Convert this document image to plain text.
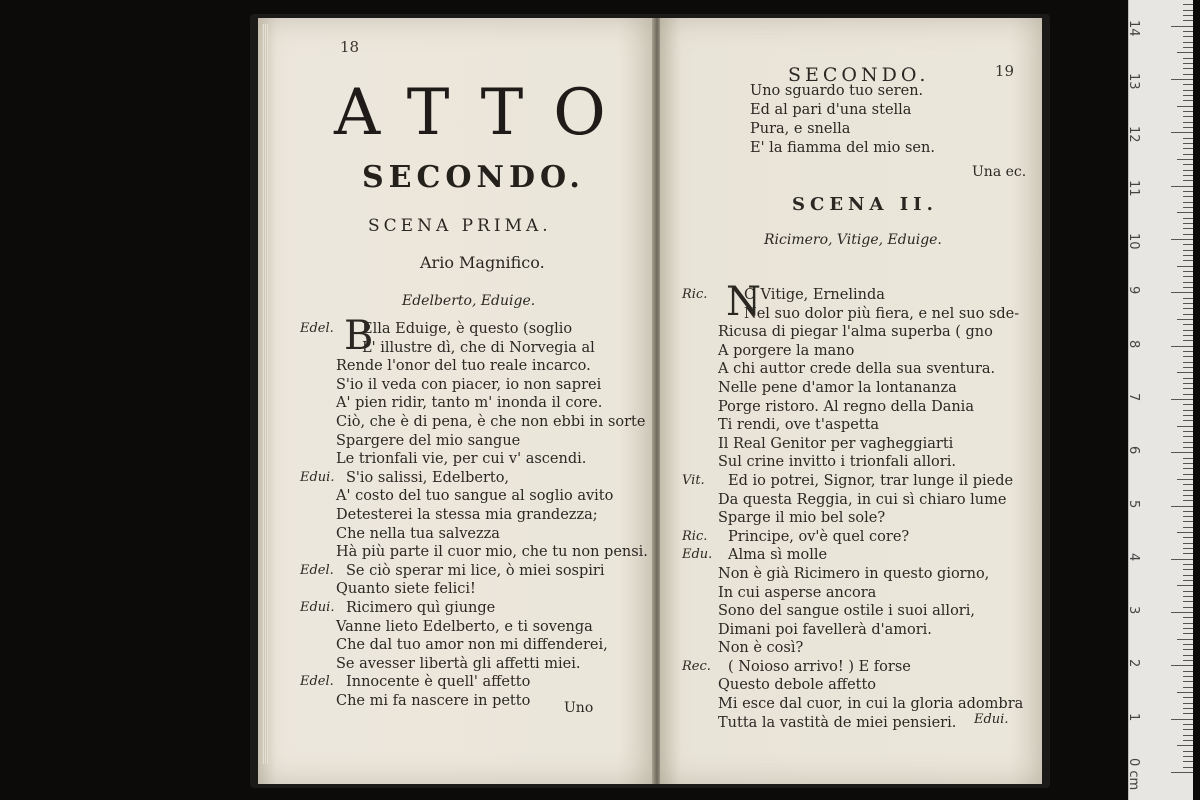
18
ATTO
SECONDO.
SCENA PRIMA.
Ario Magnifico.
Edelberto, Eduige.
Edel. Ella Eduige, è questo (soglio
L' illustre dì, che di Norvegia al
Rende l'onor del tuo reale incarco.
S'io il veda con piacer, io non saprei
A' pien ridir, tanto m' inonda il core.
Ciò, che è di pena, è che non ebbi in sorte
Spargere del mio sangue
Le trionfali vie, per cui v' ascendi.
Edui. S'io salissi, Edelberto,
A' costo del tuo sangue al soglio avito
Detesterei la stessa mia grandezza;
Che nella tua salvezza
Hà più parte il cuor mio, che tu non pensi.
Edel. Se ciò sperar mi lice, ò miei sospiri
Quanto siete felici!
Edui. Ricimero quì giunge
Vanne lieto Edelberto, e ti sovenga
Che dal tuo amor non mi diffenderei,
Se avesser libertà gli affetti miei.
Edel. Innocente è quell' affetto
Che mi fa nascere in petto
B
Uno
19
SECONDO.
Uno sguardo tuo seren.
Ed al pari d'una stella
Pura, e snella
E' la fiamma del mio sen.
Una ec.
SCENA II.
Ricimero, Vitige, Eduige.
Ric.	O Vitige, Ernelinda
Nel suo dolor più fiera, e nel suo sde-
Ricusa di piegar l'alma superba ( gno
A porgere la mano
A chi auttor crede della sua sventura.
Nelle pene d'amor la lontananza
Porge ristoro. Al regno della Dania
Ti rendi, ove t'aspetta
Il Real Genitor per vagheggiarti
Sul crine invitto i trionfali allori.
Vit. Ed io potrei, Signor, trar lunge il piede
Da questa Reggia, in cui sì chiaro lume
Sparge il mio bel sole?
Ric. Principe, ov'è quel core?
Edu. Alma sì molle
Non è già Ricimero in questo giorno,
In cui asperse ancora
Sono del sangue ostile i suoi allori,
Dimani poi favellerà d'amori.
Non è così?
Rec. ( Noioso arrivo! ) E forse
Questo debole affetto
Mi esce dal cuor, in cui la gloria adombra
Tutta la vastità de miei pensieri.
N
Edui.
0 cm
1
2
3
4
5
6
7
8
9
10
11
12
13
14
